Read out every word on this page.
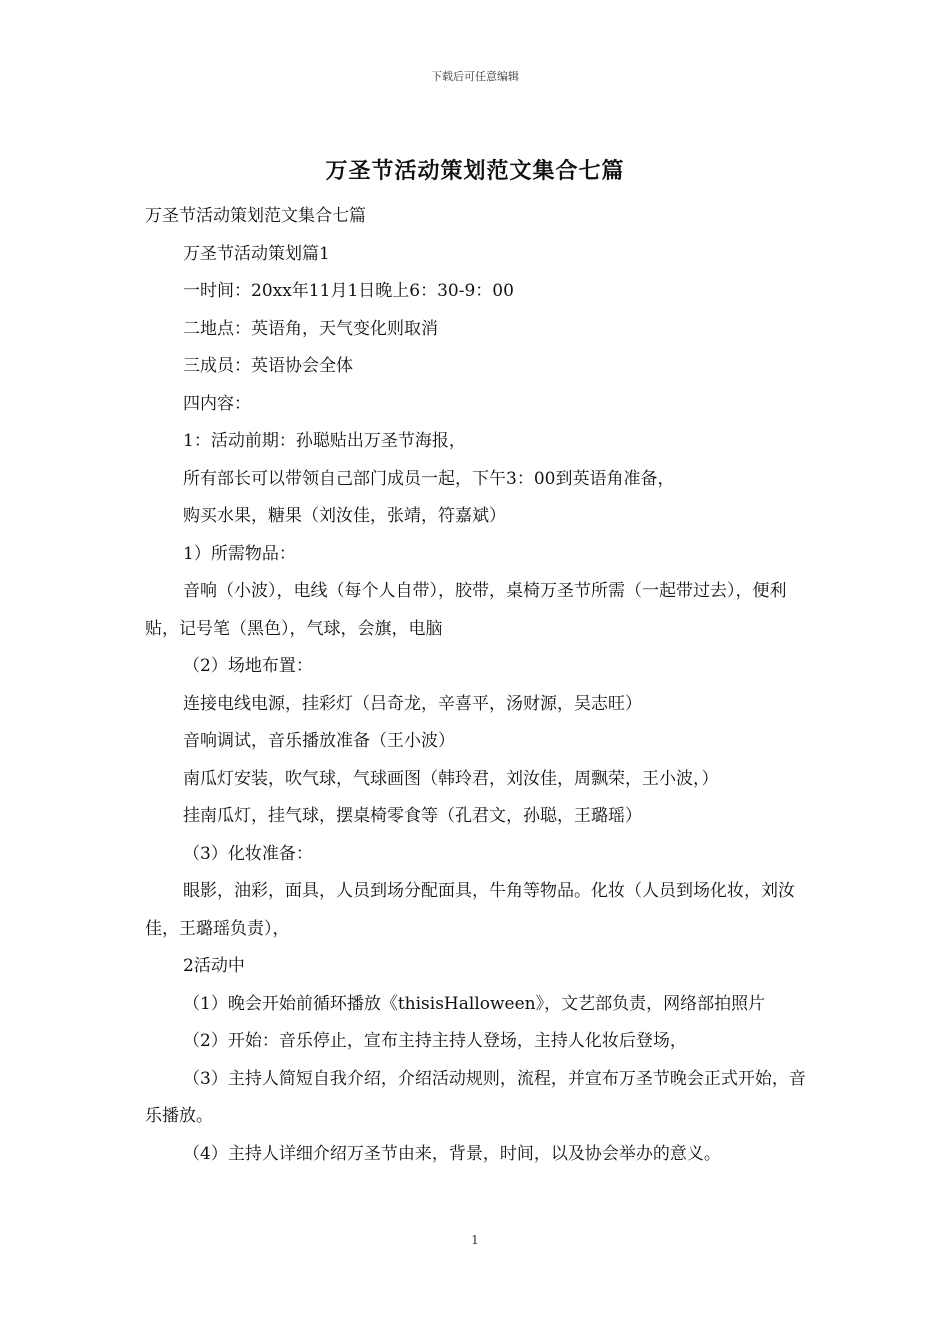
下载后可任意编辑
万圣节活动策划范文集合七篇

万圣节活动策划范文集合七篇

万圣节活动策划篇1

一时间：20xx年11月1日晚上6：30-9：00

二地点：英语角，天气变化则取消

三成员：英语协会全体

四内容：

1：活动前期：孙聪贴出万圣节海报，

所有部长可以带领自己部门成员一起，下午3：00到英语角准备，

购买水果，糖果（刘汝佳，张靖，符嘉斌）

1）所需物品：

音响（小波），电线（每个人自带），胶带，桌椅万圣节所需（一起带过去），便利贴，记号笔（黑色），气球，会旗，电脑

（2）场地布置：

连接电线电源，挂彩灯（吕奇龙，辛喜平，汤财源，吴志旺）

音响调试，音乐播放准备（王小波）

南瓜灯安装，吹气球，气球画图（韩玲君，刘汝佳，周飘荣，王小波，）

挂南瓜灯，挂气球，摆桌椅零食等（孔君文，孙聪，王璐瑶）

（3）化妆准备：

眼影，油彩，面具，人员到场分配面具，牛角等物品。化妆（人员到场化妆，刘汝佳，王璐瑶负责），

2活动中

（1）晚会开始前循环播放《thisisHalloween》，文艺部负责，网络部拍照片

（2）开始：音乐停止，宣布主持主持人登场，主持人化妆后登场，

（3）主持人简短自我介绍，介绍活动规则，流程，并宣布万圣节晚会正式开始，音乐播放。

（4）主持人详细介绍万圣节由来，背景，时间，以及协会举办的意义。

1
